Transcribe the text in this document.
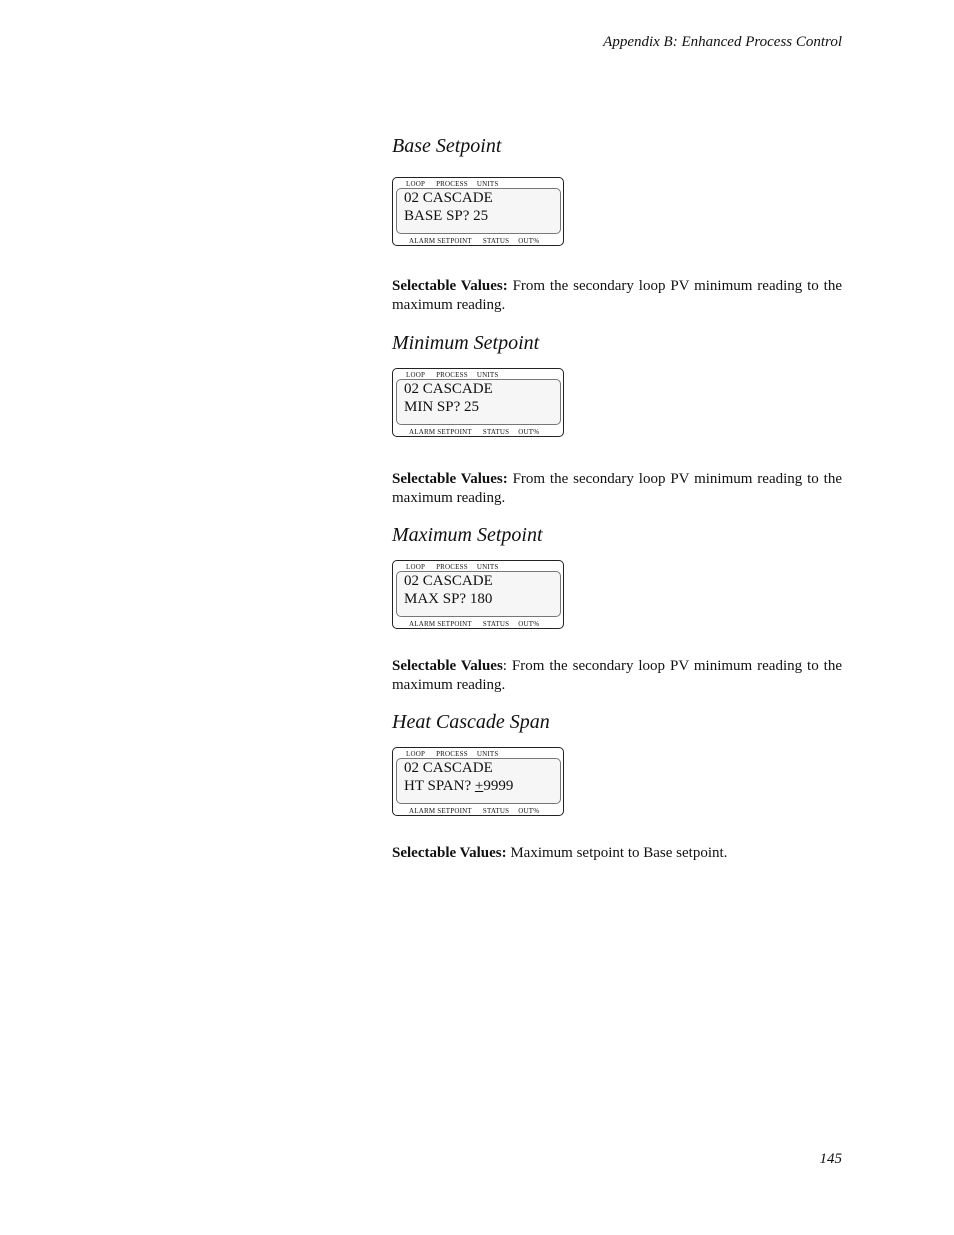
Appendix B: Enhanced Process Control
Base Setpoint
LOOP PROCESS UNITS
02 CASCADE
BASE SP? 25
ALARM SETPOINT STATUS OUT%

Selectable Values: From the secondary loop PV minimum reading to the maximum reading.

Minimum Setpoint
LOOP PROCESS UNITS
02 CASCADE
MIN SP? 25
ALARM SETPOINT STATUS OUT%

Selectable Values: From the secondary loop PV minimum reading to the maximum reading.

Maximum Setpoint
LOOP PROCESS UNITS
02 CASCADE
MAX SP? 180
ALARM SETPOINT STATUS OUT%

Selectable Values: From the secondary loop PV minimum reading to the maximum reading.

Heat Cascade Span
LOOP PROCESS UNITS
02 CASCADE
HT SPAN? +9999
ALARM SETPOINT STATUS OUT%

Selectable Values: Maximum setpoint to Base setpoint.

145
